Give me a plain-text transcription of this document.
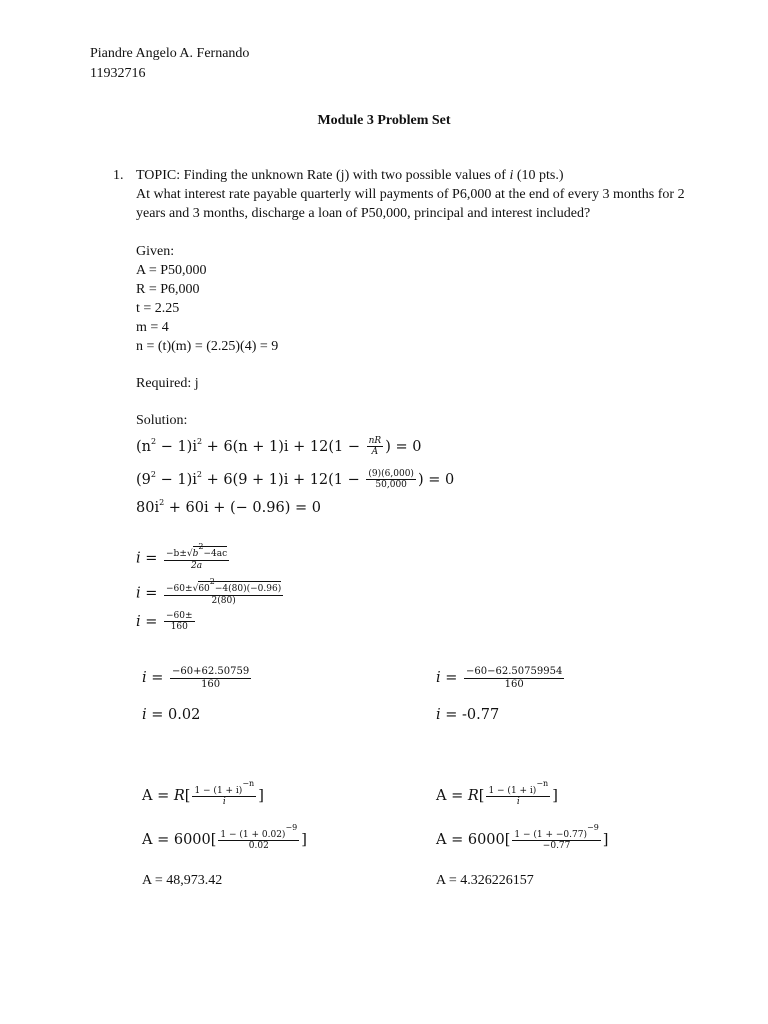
Piandre Angelo A. Fernando
11932716
Module 3 Problem Set
1. TOPIC: Finding the unknown Rate (j) with two possible values of i (10 pts.)
At what interest rate payable quarterly will payments of P6,000 at the end of every 3 months for 2
years and 3 months, discharge a loan of P50,000, principal and interest included?
Given:
A = P50,000
R = P6,000
t = 2.25
m = 4
n = (t)(m) = (2.25)(4) = 9
Required: j
Solution:
$(n^2 - 1)i^2 + 6(n + 1)i + 12(1 - \frac{nR}{A}$ ) = 0
$(9^2 - 1)i^2 + 6(9 + 1)i + 12(1 - \frac{(9)(6,000)}{50,000}$ ) = 0
$80i^2 + 60i$ + (− 0.96) = 0
$i = \frac{-b\pm√b^2-4ac}{2a}$
$i = \frac{-60\pm√60^2-4(80)(-0.96)}{2(80)}$
$i = \frac{-60\pm}{160}$
$i = \frac{-60+62.50759}{160}$	$i = \frac{-60-62.50759954}{160}$
i = 0.02	i = -0.77
$A = R[ \frac{1 - (1 + i)^{-n}}{i}$ ]	$A = R[ \frac{1 - (1 + i)^{-n}}{i}$ ]
$A = 6000[ \frac{1 - (1 + 0.02)^{-9}}{0.02}$ ]	$A = 6000[ \frac{1 - (1 + -0.77)^{-9}}{-0.77}$ ]
A = 48,973.42	A = 4.326226157
